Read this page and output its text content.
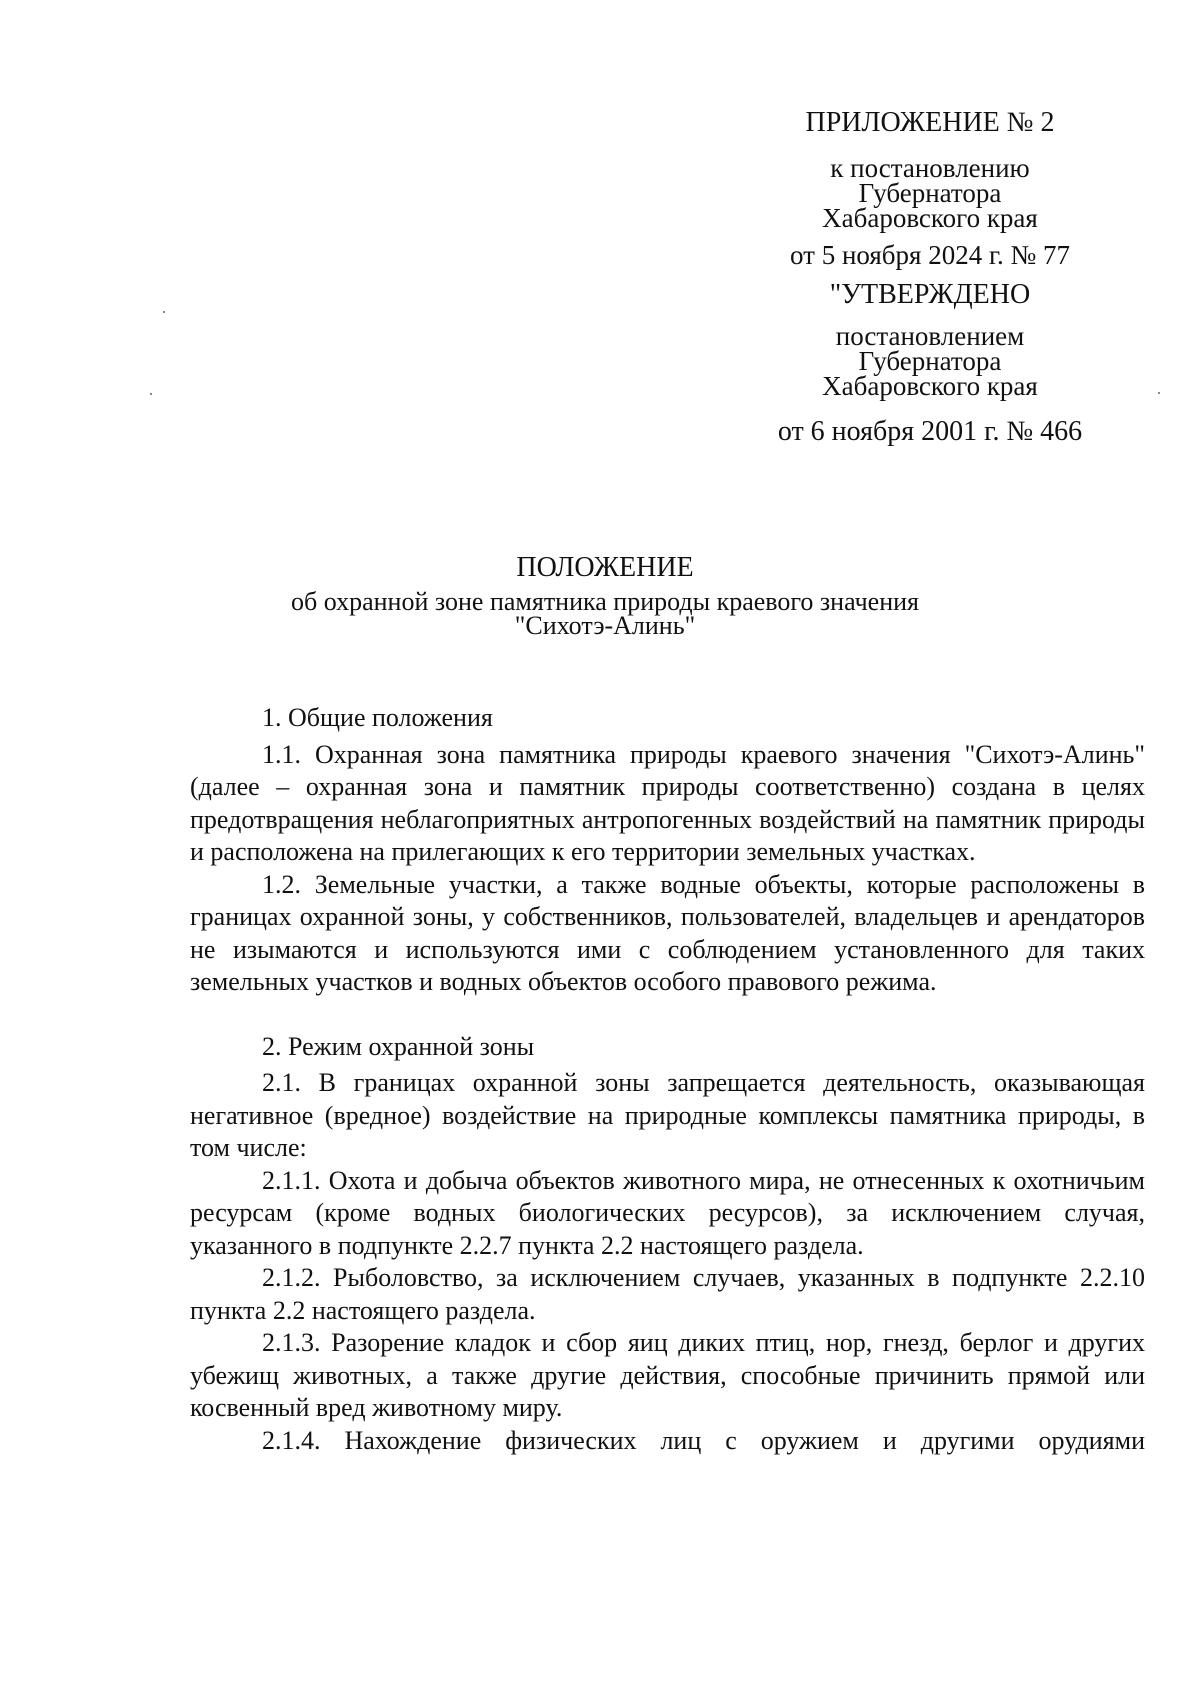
ПРИЛОЖЕНИЕ № 2
к постановлению
Губернатора
Хабаровского края
от 5 ноября 2024 г. № 77
"УТВЕРЖДЕНО
постановлением
Губернатора
Хабаровского края
от 6 ноября 2001 г. № 466
ПОЛОЖЕНИЕ
об охранной зоне памятника природы краевого значения
"Сихотэ-Алинь"

1. Общие положения

1.1. Охранная зона памятника природы краевого значения "Сихотэ-Алинь" (далее – охранная зона и памятник природы соответственно) создана в целях предотвращения неблагоприятных антропогенных воздействий на памятник природы и расположена на прилегающих к его территории земельных участках.

1.2. Земельные участки, а также водные объекты, которые расположены в границах охранной зоны, у собственников, пользователей, владельцев и арендаторов не изымаются и используются ими с соблюдением установленного для таких земельных участков и водных объектов особого правового режима.

2. Режим охранной зоны

2.1. В границах охранной зоны запрещается деятельность, оказывающая негативное (вредное) воздействие на природные комплексы памятника природы, в том числе:

2.1.1. Охота и добыча объектов животного мира, не отнесенных к охотничьим ресурсам (кроме водных биологических ресурсов), за исключением случая, указанного в подпункте 2.2.7 пункта 2.2 настоящего раздела.

2.1.2. Рыболовство, за исключением случаев, указанных в подпункте 2.2.10 пункта 2.2 настоящего раздела.

2.1.3. Разорение кладок и сбор яиц диких птиц, нор, гнезд, берлог и других убежищ животных, а также другие действия, способные причинить прямой или косвенный вред животному миру.

2.1.4. Нахождение физических лиц с оружием и другими орудиями
